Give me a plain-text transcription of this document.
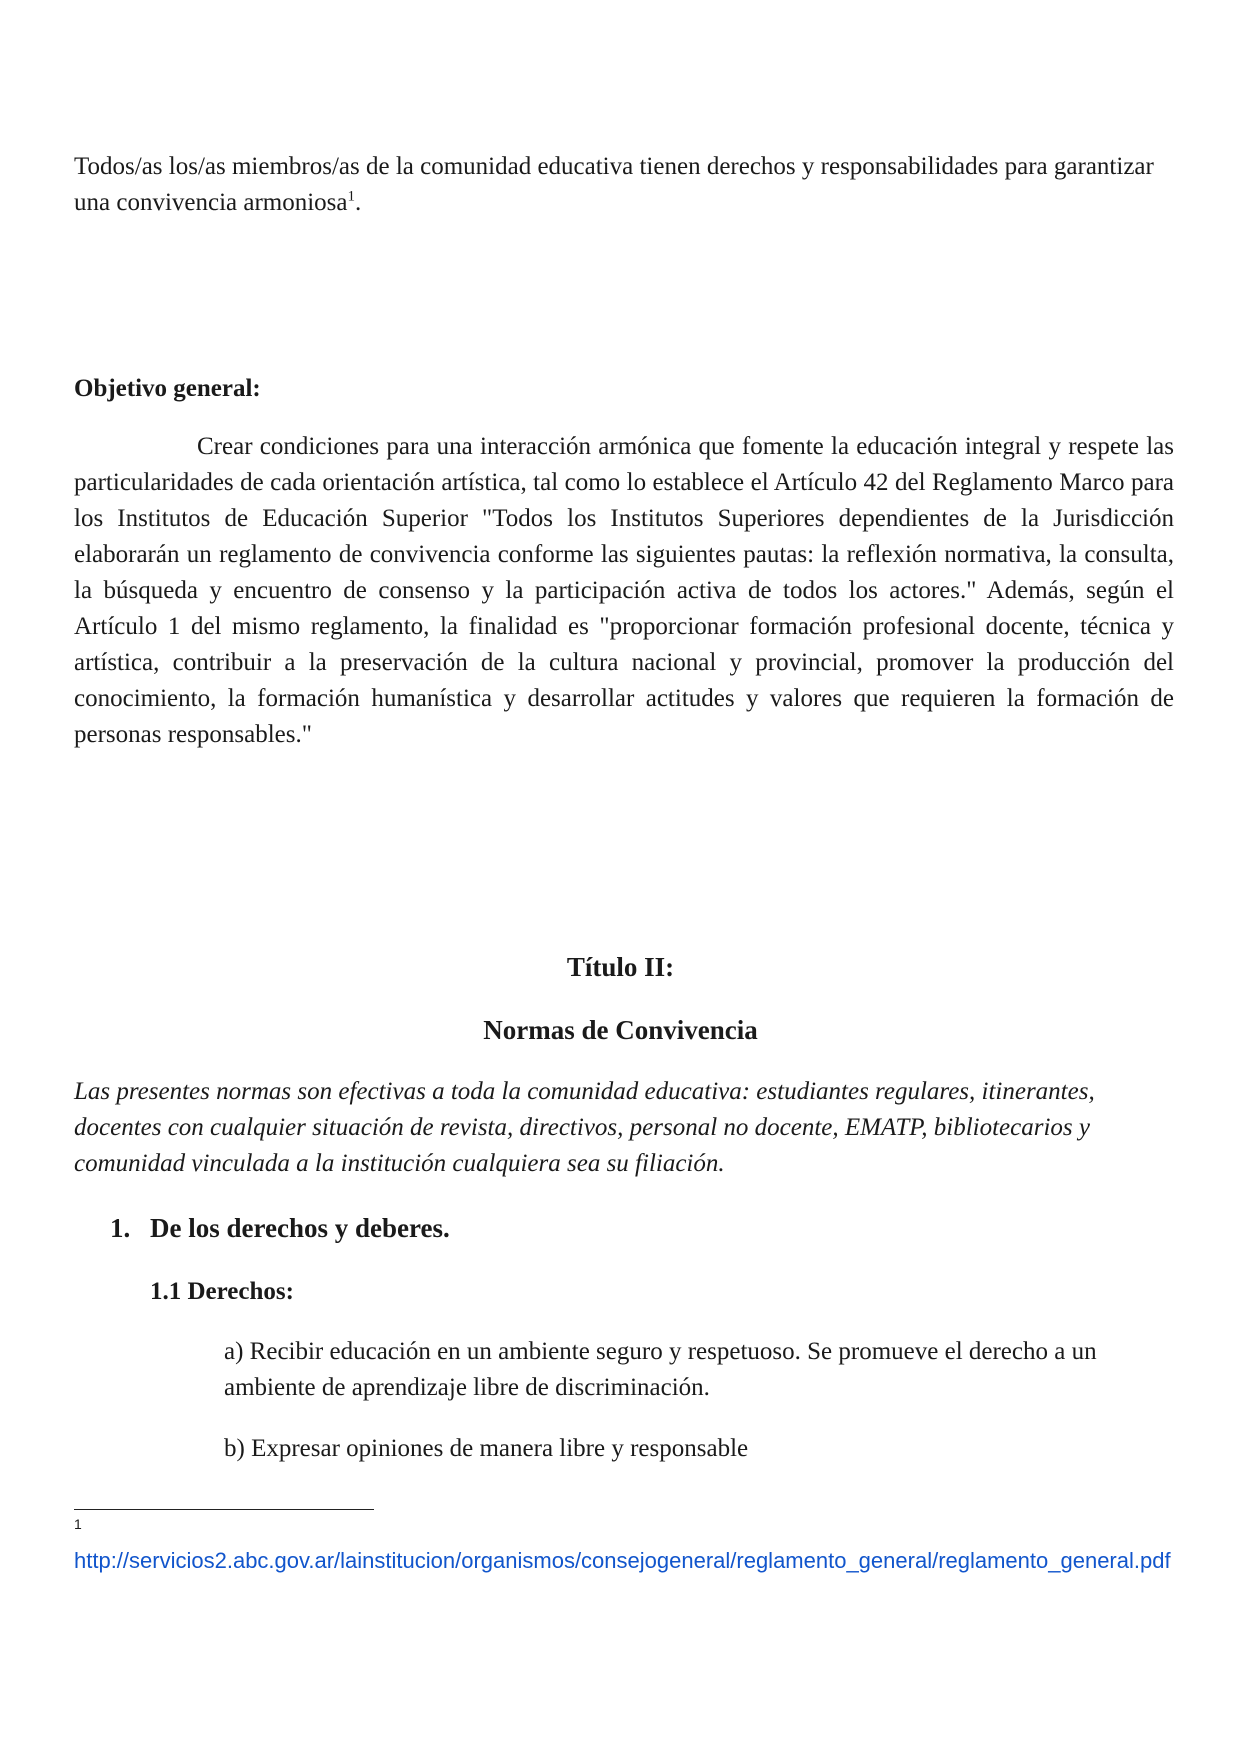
Todos/as los/as miembros/as de la comunidad educativa tienen derechos y responsabilidades para garantizar una convivencia armoniosa$^1$.

Objetivo general:

Crear condiciones para una interacción armónica que fomente la educación integral y respete las particularidades de cada orientación artística, tal como lo establece el Artículo 42 del Reglamento Marco para los Institutos de Educación Superior "Todos los Institutos Superiores dependientes de la Jurisdicción elaborarán un reglamento de convivencia conforme las siguientes pautas: la reflexión normativa, la consulta, la búsqueda y encuentro de consenso y la participación activa de todos los actores." Además, según el Artículo 1 del mismo reglamento, la finalidad es "proporcionar formación profesional docente, técnica y artística, contribuir a la preservación de la cultura nacional y provincial, promover la producción del conocimiento, la formación humanística y desarrollar actitudes y valores que requieren la formación de personas responsables."

Título II:

Normas de Convivencia

Las presentes normas son efectivas a toda la comunidad educativa: estudiantes regulares, itinerantes, docentes con cualquier situación de revista, directivos, personal no docente, EMATP, bibliotecarios y comunidad vinculada a la institución cualquiera sea su filiación.

1. De los derechos y deberes.

1.1 Derechos:

a) Recibir educación en un ambiente seguro y respetuoso. Se promueve el derecho a un ambiente de aprendizaje libre de discriminación.

b) Expresar opiniones de manera libre y responsable

1

http://servicios2.abc.gov.ar/lainstitucion/organismos/consejogeneral/reglamento_general/reglamento_general.pdf
